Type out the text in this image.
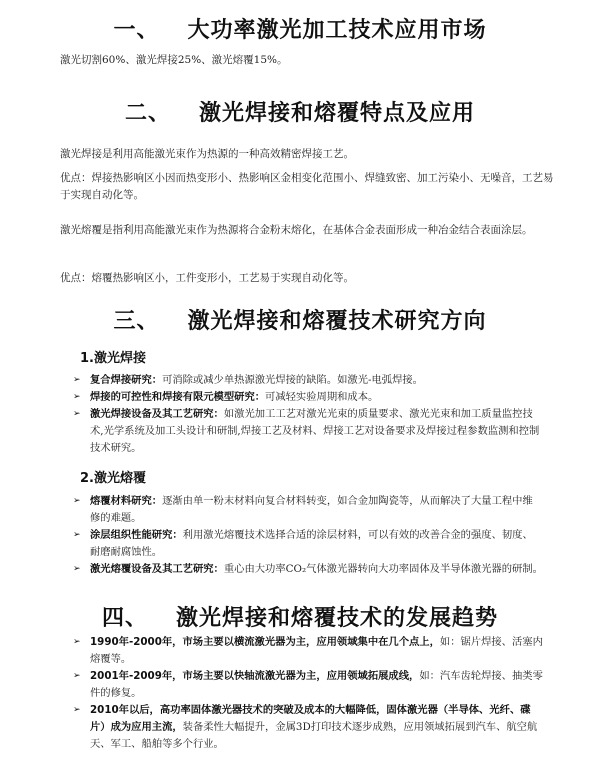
一、 大功率激光加工技术应用市场
激光切割60%、激光焊接25%、激光熔覆15%。
二、 激光焊接和熔覆特点及应用
激光焊接是利用高能激光束作为热源的一种高效精密焊接工艺。
优点：焊接热影响区小因而热变形小、热影响区金相变化范围小、焊缝致密、加工污染小、无噪音，工艺易于实现自动化等。
激光熔覆是指利用高能激光束作为热源将合金粉末熔化，在基体合金表面形成一种冶金结合表面涂层。
优点：熔覆热影响区小，工件变形小，工艺易于实现自动化等。
三、 激光焊接和熔覆技术研究方向
1.激光焊接
➢ 复合焊接研究：可消除或减少单热源激光焊接的缺陷。如激光-电弧焊接。
➢ 焊接的可控性和焊接有限元模型研究：可减轻实验周期和成本。
➢ 激光焊接设备及其工艺研究：如激光加工工艺对激光光束的质量要求、激光光束和加工质量监控技术,光学系统及加工头设计和研制,焊接工艺及材料、焊接工艺对设备要求及焊接过程参数监测和控制技术研究。
2.激光熔覆
➢ 熔覆材料研究：逐渐由单一粉末材料向复合材料转变，如合金加陶瓷等，从而解决了大量工程中维修的难题。
➢ 涂层组织性能研究：利用激光熔覆技术选择合适的涂层材料，可以有效的改善合金的强度、韧度、耐磨耐腐蚀性。
➢ 激光熔覆设备及其工艺研究：重心由大功率CO₂气体激光器转向大功率固体及半导体激光器的研制。
四、 激光焊接和熔覆技术的发展趋势
➢ 1990年-2000年，市场主要以横流激光器为主，应用领域集中在几个点上，如：锯片焊接、活塞内熔覆等。
➢ 2001年-2009年，市场主要以快轴流激光器为主，应用领域拓展成线，如：汽车齿轮焊接、抽类零件的修复。
➢ 2010年以后，高功率固体激光器技术的突破及成本的大幅降低，固体激光器（半导体、光纤、碟片）成为应用主流，装备柔性大幅提升，金属3D打印技术逐步成熟，应用领域拓展到汽车、航空航天、军工、船舶等多个行业。
